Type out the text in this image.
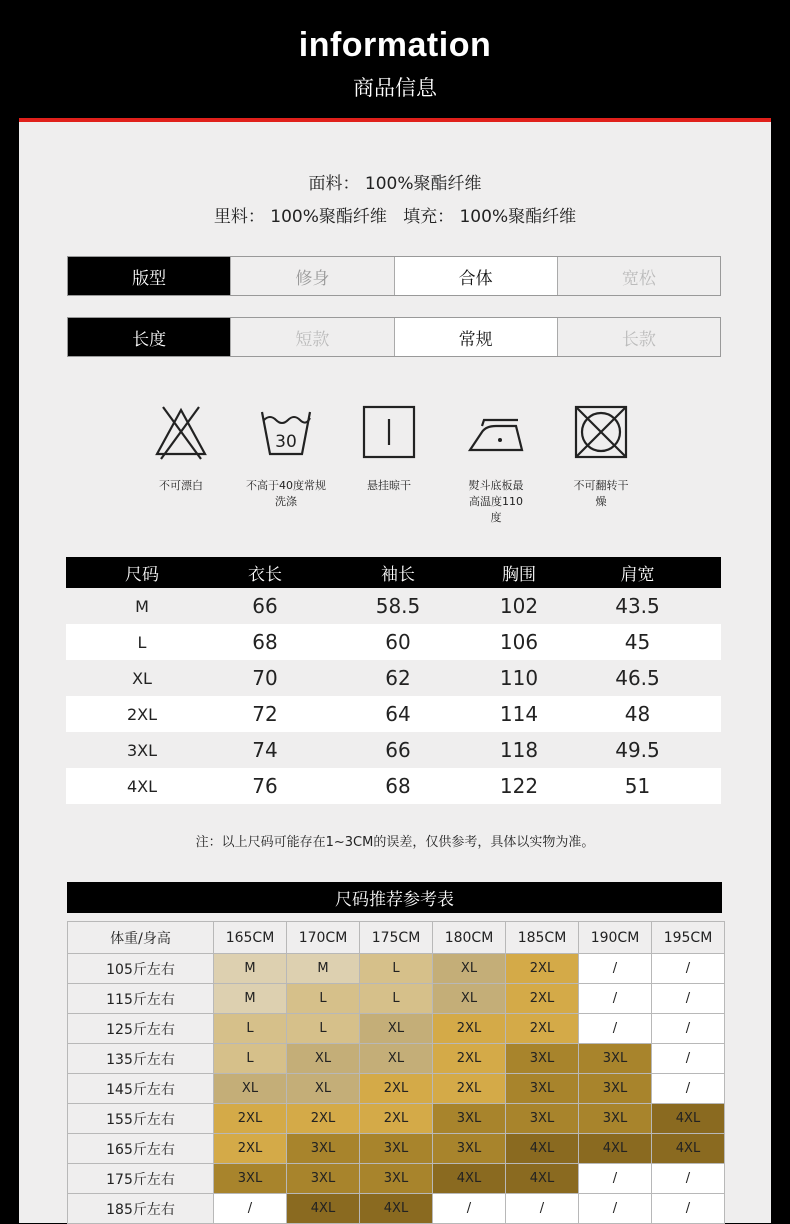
information
商品信息
面料： 100%聚酯纤维
里料： 100%聚酯纤维   填充： 100%聚酯纤维
版型	修身	合体	宽松
长度	短款	常规	长款
不可漂白
30
不高于40度常规洗涤
悬挂晾干	熨斗底板最高温度110度
不可翻转干燥
尺码	衣长	袖长	胸围	肩宽
M	66	58.5	102	43.5
L	68	60	106	45
XL	70	62	110	46.5
2XL	72	64	114	48
3XL	74	66	118	49.5
4XL	76	68	122	51
注：以上尺码可能存在1~3CM的误差，仅供参考，具体以实物为准。
尺码推荐参考表
体重/身高	165CM	170CM	175CM	180CM	185CM	190CM	195CM
105斤左右	M	M	L	XL	2XL	/	/
115斤左右	M	L	L	XL	2XL	/	/
125斤左右	L	L	XL	2XL	2XL	/	/
135斤左右	L	XL	XL	2XL	3XL	3XL	/
145斤左右	XL	XL	2XL	2XL	3XL	3XL	/
155斤左右	2XL	2XL	2XL	3XL	3XL	3XL	4XL
165斤左右	2XL	3XL	3XL	3XL	4XL	4XL	4XL
175斤左右	3XL	3XL	3XL	4XL	4XL	/	/
185斤左右	/	4XL	4XL	/	/	/	/
